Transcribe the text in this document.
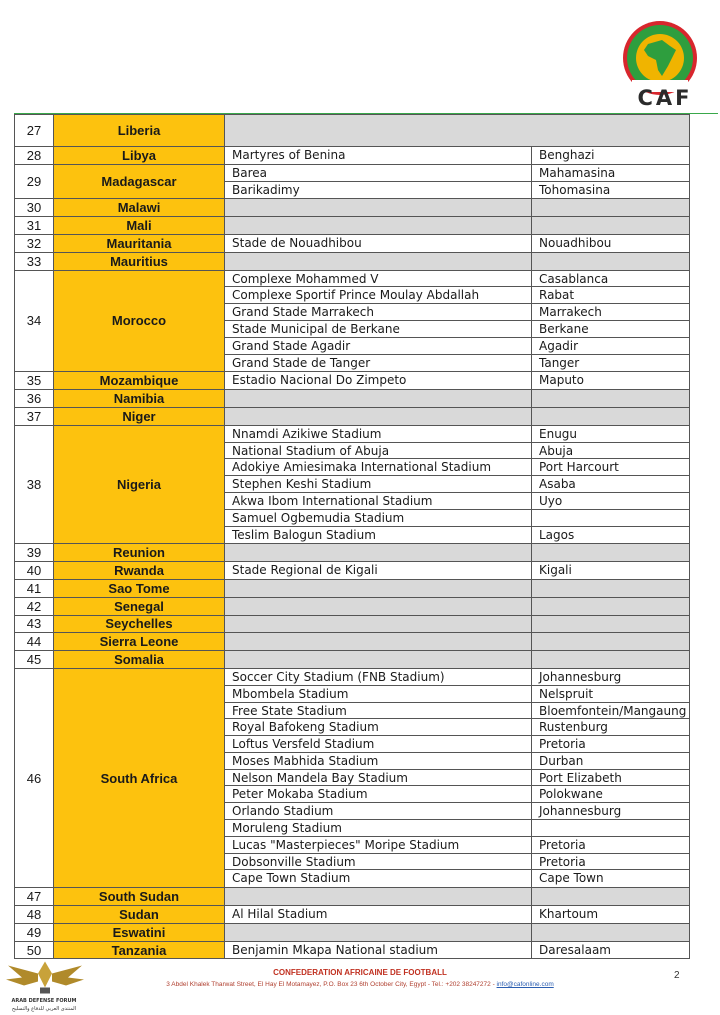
CAF
27	Liberia
28	Libya	Martyres of Benina	Benghazi
29	Madagascar
Barea	Mahamasina
Barikadimy	Tohomasina
30	Malawi
31	Mali
32	Mauritania	Stade de Nouadhibou	Nouadhibou
33	Mauritius
34	Morocco
Complexe Mohammed V	Casablanca
Complexe Sportif Prince Moulay Abdallah	Rabat
Grand Stade Marrakech	Marrakech
Stade Municipal de Berkane	Berkane
Grand Stade Agadir	Agadir
Grand Stade de Tanger	Tanger
35	Mozambique	Estadio Nacional Do Zimpeto	Maputo
36	Namibia
37	Niger
38	Nigeria
Nnamdi Azikiwe Stadium	Enugu
National Stadium of Abuja	Abuja
Adokiye Amiesimaka International Stadium	Port Harcourt
Stephen Keshi Stadium	Asaba
Akwa Ibom International Stadium	Uyo
Samuel Ogbemudia Stadium
Teslim Balogun Stadium	Lagos
39	Reunion
40	Rwanda	Stade Regional de Kigali	Kigali
41	Sao Tome
42	Senegal
43	Seychelles
44	Sierra Leone
45	Somalia
46	South Africa
Soccer City Stadium (FNB Stadium)	Johannesburg
Mbombela Stadium	Nelspruit
Free State Stadium	Bloemfontein/Mangaung
Royal Bafokeng Stadium	Rustenburg
Loftus Versfeld Stadium	Pretoria
Moses Mabhida Stadium	Durban
Nelson Mandela Bay Stadium	Port Elizabeth
Peter Mokaba Stadium	Polokwane
Orlando Stadium	Johannesburg
Moruleng Stadium
Lucas "Masterpieces" Moripe Stadium	Pretoria
Dobsonville Stadium	Pretoria
Cape Town Stadium	Cape Town
47	South Sudan
48	Sudan	Al Hilal Stadium	Khartoum
49	Eswatini
50	Tanzania	Benjamin Mkapa National stadium	Daresalaam
ARAB DEFENSE FORUM
المنتدى العربي للدفاع والتسليح
CONFEDERATION AFRICAINE DE FOOTBALL
3 Abdel Khalek Tharwat Street, El Hay El Motamayez, P.O. Box 23 6th October City, Egypt - Tel.: +202 38247272 - info@cafonline.com
2
